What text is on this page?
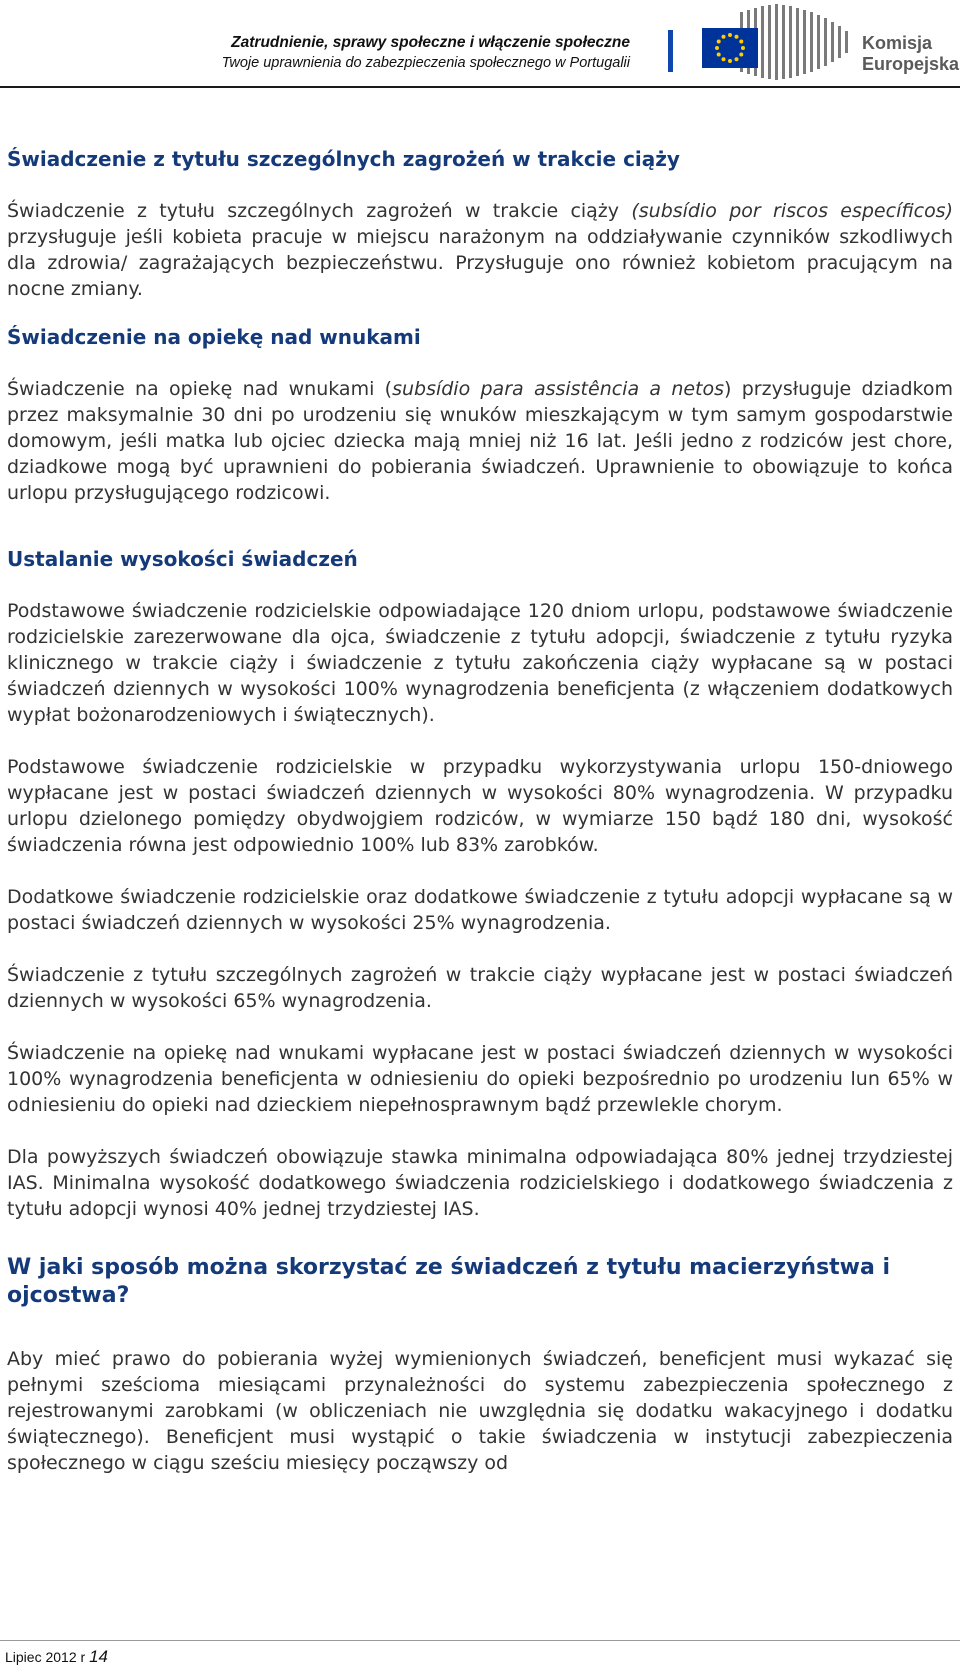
Zatrudnienie, sprawy społeczne i włączenie społeczne
Twoje uprawnienia do zabezpieczenia społecznego w Portugalii
Komisja
Europejska
Świadczenie z tytułu szczególnych zagrożeń w trakcie ciąży

Świadczenie z tytułu szczególnych zagrożeń w trakcie ciąży (subsídio por riscos específicos) przysługuje jeśli kobieta pracuje w miejscu narażonym na oddziaływanie czynników szkodliwych dla zdrowia/ zagrażających bezpieczeństwu. Przysługuje ono również kobietom pracującym na nocne zmiany.

Świadczenie na opiekę nad wnukami

Świadczenie na opiekę nad wnukami (subsídio para assistência a netos) przysługuje dziadkom przez maksymalnie 30 dni po urodzeniu się wnuków mieszkającym w tym samym gospodarstwie domowym, jeśli matka lub ojciec dziecka mają mniej niż 16 lat. Jeśli jedno z rodziców jest chore, dziadkowe mogą być uprawnieni do pobierania świadczeń. Uprawnienie to obowiązuje to końca urlopu przysługującego rodzicowi.

Ustalanie wysokości świadczeń

Podstawowe świadczenie rodzicielskie odpowiadające 120 dniom urlopu, podstawowe świadczenie rodzicielskie zarezerwowane dla ojca, świadczenie z tytułu adopcji, świadczenie z tytułu ryzyka klinicznego w trakcie ciąży i świadczenie z tytułu zakończenia ciąży wypłacane są w postaci świadczeń dziennych w wysokości 100% wynagrodzenia beneficjenta (z włączeniem dodatkowych wypłat bożonarodzeniowych i świątecznych).

Podstawowe świadczenie rodzicielskie w przypadku wykorzystywania urlopu 150-dniowego wypłacane jest w postaci świadczeń dziennych w wysokości 80% wynagrodzenia. W przypadku urlopu dzielonego pomiędzy obydwojgiem rodziców, w wymiarze 150 bądź 180 dni, wysokość świadczenia równa jest odpowiednio 100% lub 83% zarobków.

Dodatkowe świadczenie rodzicielskie oraz dodatkowe świadczenie z tytułu adopcji wypłacane są w postaci świadczeń dziennych w wysokości 25% wynagrodzenia.

Świadczenie z tytułu szczególnych zagrożeń w trakcie ciąży wypłacane jest w postaci świadczeń dziennych w wysokości 65% wynagrodzenia.

Świadczenie na opiekę nad wnukami wypłacane jest w postaci świadczeń dziennych w wysokości 100% wynagrodzenia beneficjenta w odniesieniu do opieki bezpośrednio po urodzeniu lun 65% w odniesieniu do opieki nad dzieckiem niepełnosprawnym bądź przewlekle chorym.

Dla powyższych świadczeń obowiązuje stawka minimalna odpowiadająca 80% jednej trzydziestej IAS. Minimalna wysokość dodatkowego świadczenia rodzicielskiego i dodatkowego świadczenia z tytułu adopcji wynosi 40% jednej trzydziestej IAS.

W jaki sposób można skorzystać ze świadczeń z tytułu macierzyństwa i ojcostwa?

Aby mieć prawo do pobierania wyżej wymienionych świadczeń, beneficjent musi wykazać się pełnymi sześcioma miesiącami przynależności do systemu zabezpieczenia społecznego z rejestrowanymi zarobkami (w obliczeniach nie uwzględnia się dodatku wakacyjnego i dodatku świątecznego). Beneficjent musi wystąpić o takie świadczenia w instytucji zabezpieczenia społecznego w ciągu sześciu miesięcy począwszy od

Lipiec 2012 r 14
